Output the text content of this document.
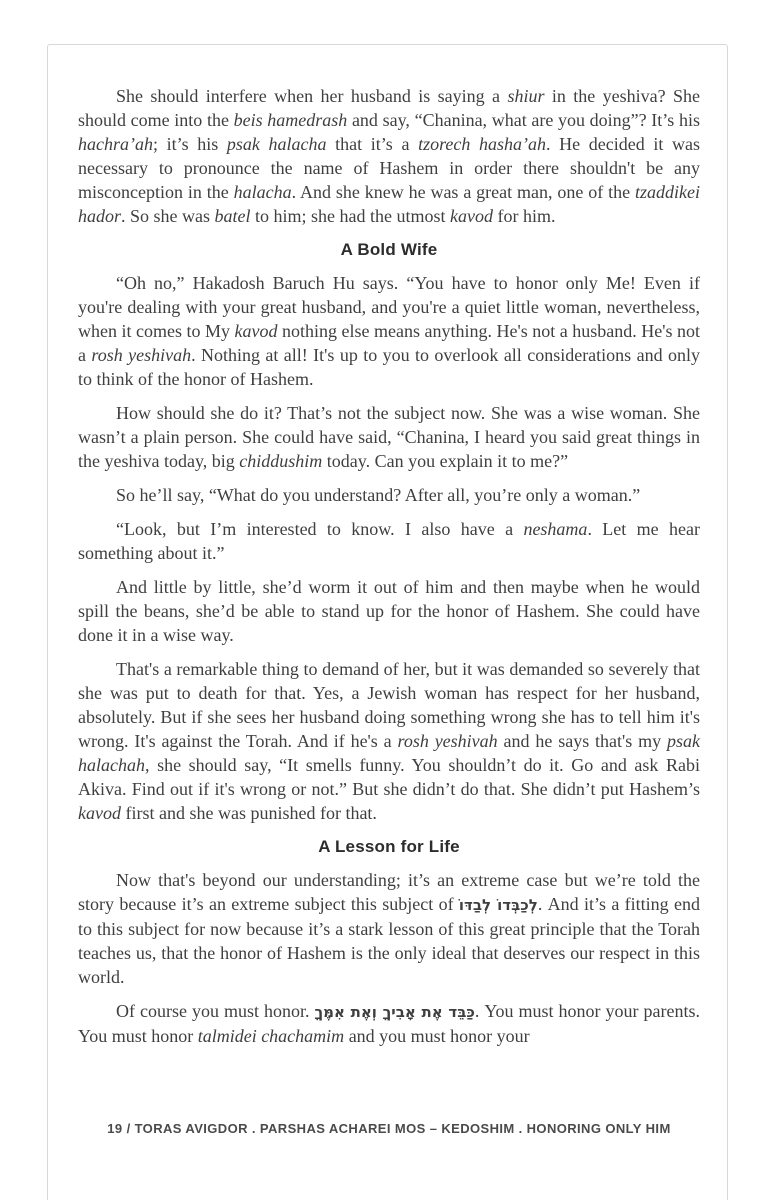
She should interfere when her husband is saying a shiur in the yeshiva? She should come into the beis hamedrash and say, “Chanina, what are you doing”? It’s his hachra’ah; it’s his psak halacha that it’s a tzorech hasha’ah. He decided it was necessary to pronounce the name of Hashem in order there shouldn't be any misconception in the halacha. And she knew he was a great man, one of the tzaddikei hador. So she was batel to him; she had the utmost kavod for him.

A Bold Wife

“Oh no,” Hakadosh Baruch Hu says. “You have to honor only Me! Even if you're dealing with your great husband, and you're a quiet little woman, nevertheless, when it comes to My kavod nothing else means anything. He's not a husband. He's not a rosh yeshivah. Nothing at all! It's up to you to overlook all considerations and only to think of the honor of Hashem.

How should she do it? That’s not the subject now. She was a wise woman. She wasn’t a plain person. She could have said, “Chanina, I heard you said great things in the yeshiva today, big chiddushim today. Can you explain it to me?”

So he’ll say, “What do you understand? After all, you’re only a woman.”

“Look, but I’m interested to know. I also have a neshama. Let me hear something about it.”

And little by little, she’d worm it out of him and then maybe when he would spill the beans, she’d be able to stand up for the honor of Hashem. She could have done it in a wise way.

That's a remarkable thing to demand of her, but it was demanded so severely that she was put to death for that. Yes, a Jewish woman has respect for her husband, absolutely. But if she sees her husband doing something wrong she has to tell him it's wrong. It's against the Torah. And if he's a rosh yeshivah and he says that's my psak halachah, she should say, “It smells funny. You shouldn’t do it. Go and ask Rabi Akiva. Find out if it's wrong or not.” But she didn’t do that. She didn’t put Hashem’s kavod first and she was punished for that.

A Lesson for Life

Now that's beyond our understanding; it’s an extreme case but we’re told the story because it’s an extreme subject this subject of לְכַבְּדוֹ לְבַדּוֹ. And it’s a fitting end to this subject for now because it’s a stark lesson of this great principle that the Torah teaches us, that the honor of Hashem is the only ideal that deserves our respect in this world.

Of course you must honor. כַּבֵּד אֶת אָבִיךָ וְאֶת אִמֶּךָ. You must honor your parents. You must honor talmidei chachamim and you must honor your

19 / TORAS AVIGDOR . PARSHAS ACHAREI MOS – KEDOSHIM . HONORING ONLY HIM
